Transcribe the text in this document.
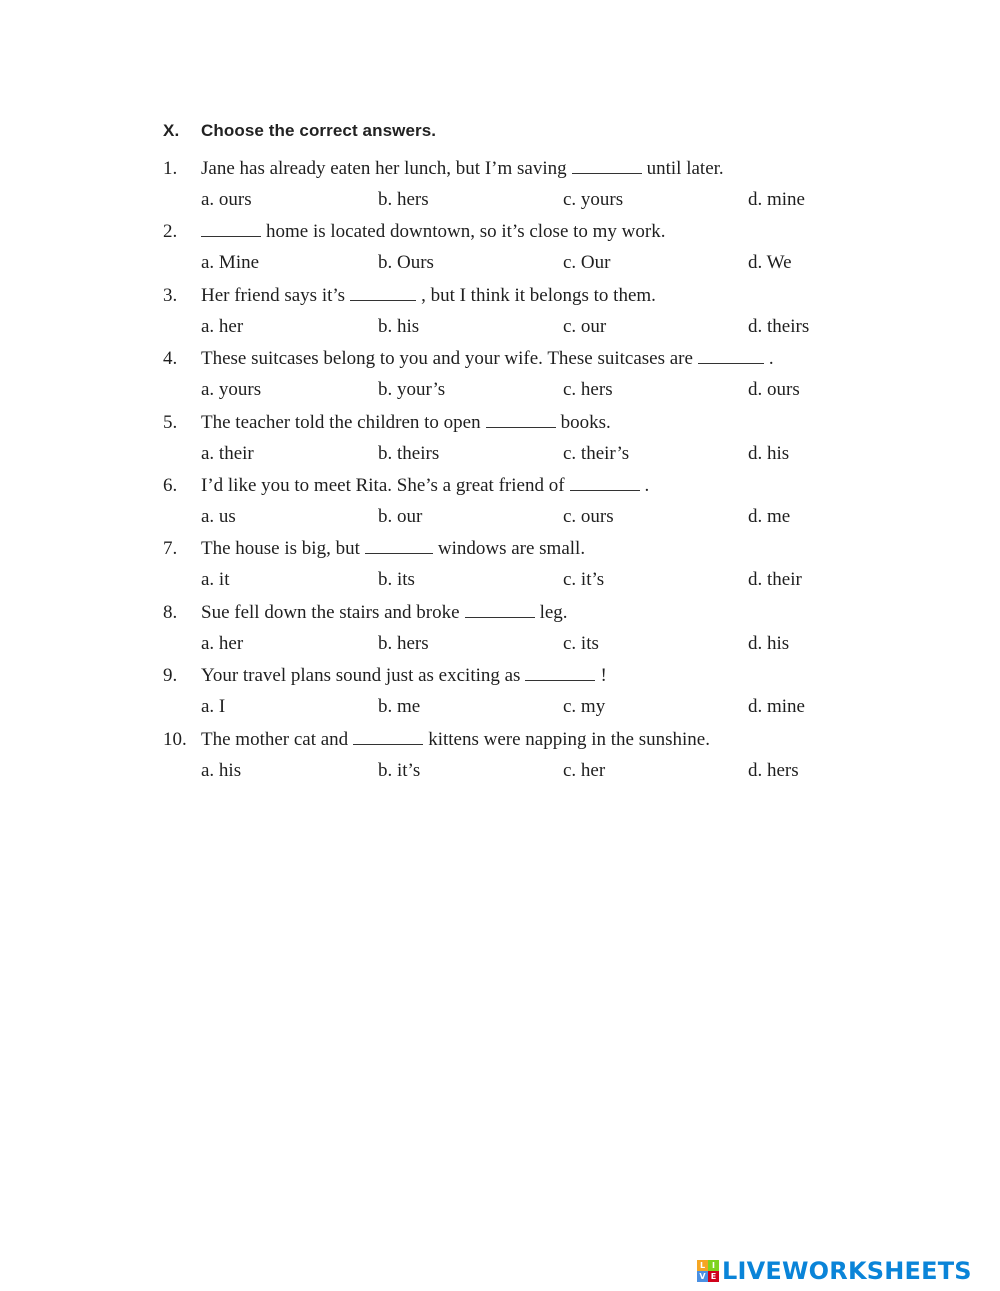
X. Choose the correct answers.
1. Jane has already eaten her lunch, but I’m saving	until later.
a. ours	b. hers	c. yours	d. mine
2.	home is located downtown, so it’s close to my work.
a. Mine	b. Ours	c. Our	d. We
3. Her friend says it’s	, but I think it belongs to them.
a. her	b. his	c. our	d. theirs
4. These suitcases belong to you and your wife. These suitcases are	.
a. yours	b. your’s	c. hers	d. ours
5. The teacher told the children to open	books.
a. their	b. theirs	c. their’s	d. his
6. I’d like you to meet Rita. She’s a great friend of	.
a. us	b. our	c. ours	d. me
7. The house is big, but	windows are small.
a. it	b. its	c. it’s	d. their
8. Sue fell down the stairs and broke	leg.
a. her	b. hers	c. its	d. his
9. Your travel plans sound just as exciting as	!
a. I	b. me	c. my	d. mine
10. The mother cat and	kittens were napping in the sunshine.
a. his	b. it’s	c. her	d. hers
L I
V E LIVEWORKSHEETS
